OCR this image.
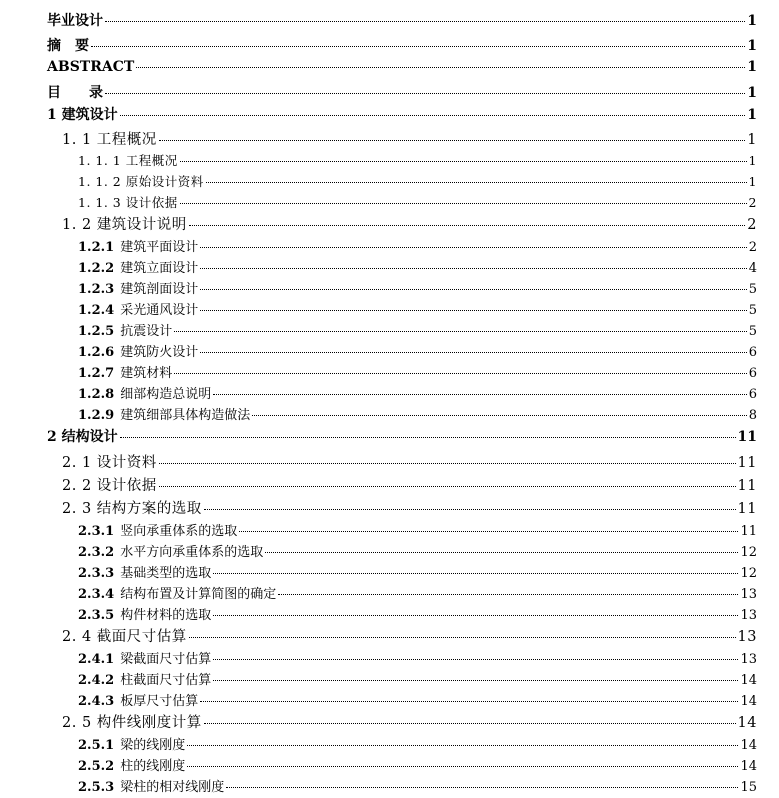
毕业设计	1
摘　要	1
ABSTRACT	1
目　　录	1
1 建筑设计	1
1. 1 工程概况	1
1. 1. 1 工程概况	1
1. 1. 2 原始设计资料	1
1. 1. 3 设计依据	2
1. 2 建筑设计说明	2
1.2.1 建筑平面设计	2
1.2.2 建筑立面设计	4
1.2.3 建筑剖面设计	5
1.2.4 采光通风设计	5
1.2.5 抗震设计	5
1.2.6 建筑防火设计	6
1.2.7 建筑材料	6
1.2.8 细部构造总说明	6
1.2.9 建筑细部具体构造做法	8
2 结构设计	11
2. 1 设计资料	11
2. 2 设计依据	11
2. 3 结构方案的选取	11
2.3.1 竖向承重体系的选取	11
2.3.2 水平方向承重体系的选取	12
2.3.3 基础类型的选取	12
2.3.4 结构布置及计算简图的确定	13
2.3.5 构件材料的选取	13
2. 4 截面尺寸估算	13
2.4.1 梁截面尺寸估算	13
2.4.2 柱截面尺寸估算	14
2.4.3 板厚尺寸估算	14
2. 5 构件线刚度计算	14
2.5.1 梁的线刚度	14
2.5.2 柱的线刚度	14
2.5.3 梁柱的相对线刚度	15
